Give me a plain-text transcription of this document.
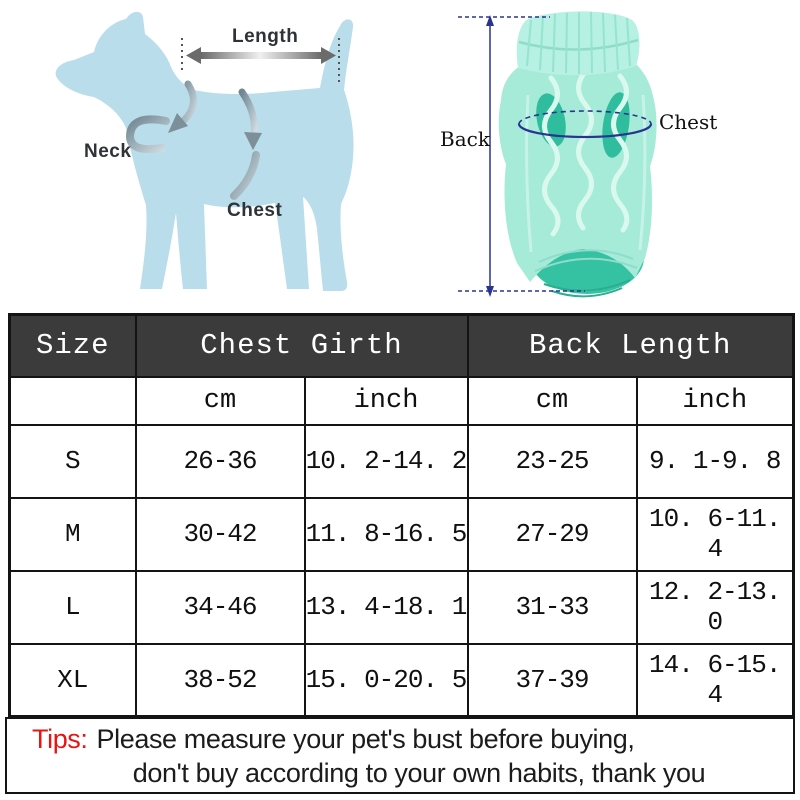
Length
Neck
Chest
Back
Chest
Size	Chest Girth		Back Length	
	cm	inch	cm	inch
S	26-36	10. 2-14. 2	23-25	9. 1-9. 8
M	30-42	11. 8-16. 5	27-29	10. 6-11. 4
L	34-46	13. 4-18. 1	31-33	12. 2-13. 0
XL	38-52	15. 0-20. 5	37-39	14. 6-15. 4
Tips: Please measure your pet's bust before buying,
don't buy according to your own habits, thank you
